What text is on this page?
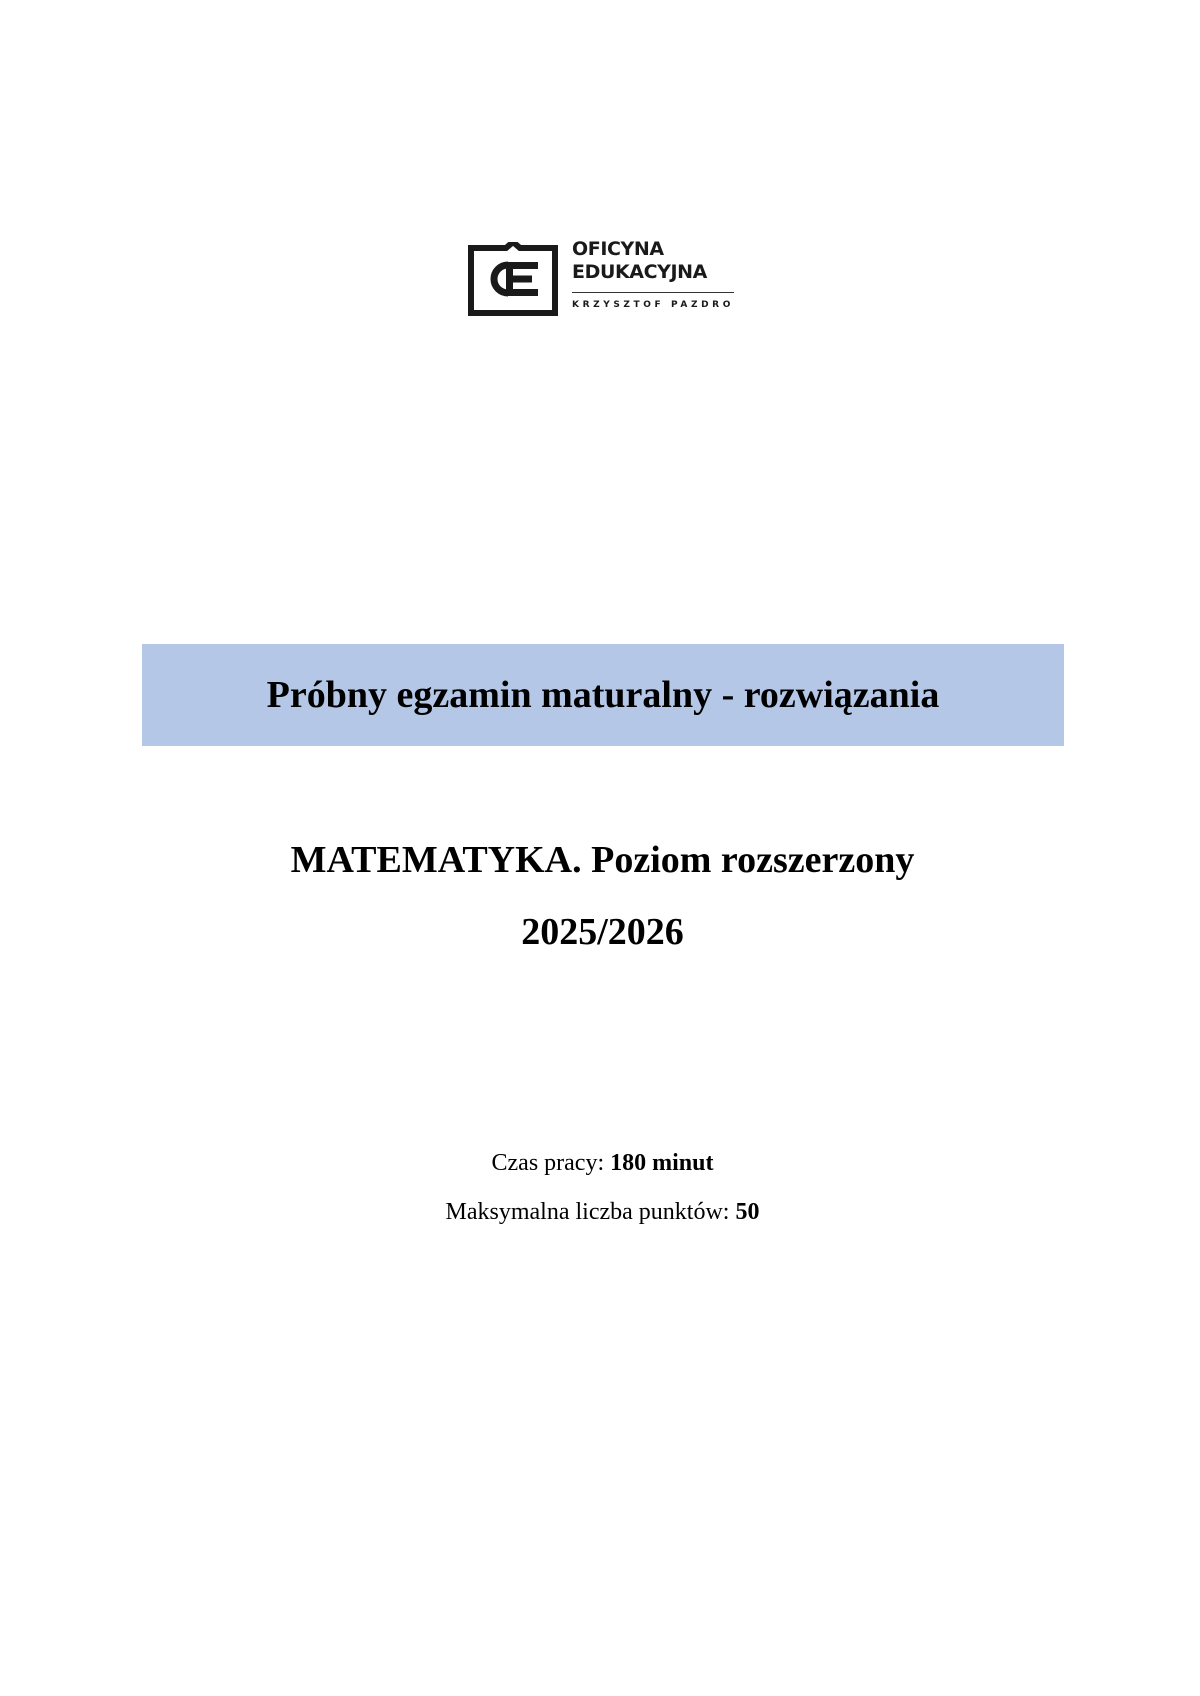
OFICYNA
EDUKACYJNA
KRZYSZTOF PAZDRO
Próbny egzamin maturalny - rozwiązania
MATEMATYKA. Poziom rozszerzony
2025/2026
Czas pracy: 180 minut
Maksymalna liczba punktów: 50
